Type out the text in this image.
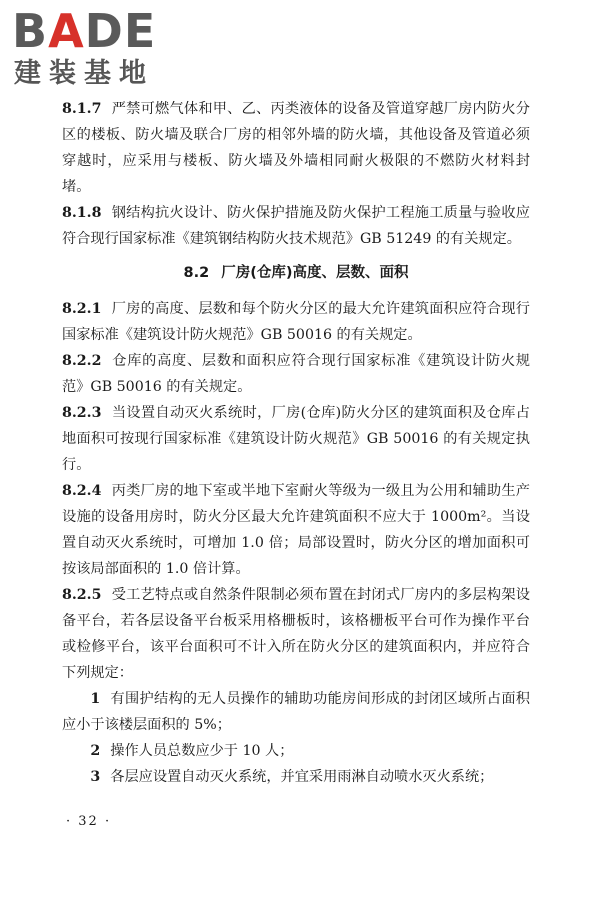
BADE
建装基地

8.1.7 严禁可燃气体和甲、乙、丙类液体的设备及管道穿越厂房内防火分区的楼板、防火墙及联合厂房的相邻外墙的防火墙，其他设备及管道必须穿越时，应采用与楼板、防火墙及外墙相同耐火极限的不燃防火材料封堵。

8.1.8 钢结构抗火设计、防火保护措施及防火保护工程施工质量与验收应符合现行国家标准《建筑钢结构防火技术规范》GB 51249 的有关规定。

8.2 厂房(仓库)高度、层数、面积

8.2.1 厂房的高度、层数和每个防火分区的最大允许建筑面积应符合现行国家标准《建筑设计防火规范》GB 50016 的有关规定。

8.2.2 仓库的高度、层数和面积应符合现行国家标准《建筑设计防火规范》GB 50016 的有关规定。

8.2.3 当设置自动灭火系统时，厂房(仓库)防火分区的建筑面积及仓库占地面积可按现行国家标准《建筑设计防火规范》GB 50016 的有关规定执行。

8.2.4 丙类厂房的地下室或半地下室耐火等级为一级且为公用和辅助生产设施的设备用房时，防火分区最大允许建筑面积不应大于 1000m²。当设置自动灭火系统时，可增加 1.0 倍；局部设置时，防火分区的增加面积可按该局部面积的 1.0 倍计算。

8.2.5 受工艺特点或自然条件限制必须布置在封闭式厂房内的多层构架设备平台，若各层设备平台板采用格栅板时，该格栅板平台可作为操作平台或检修平台，该平台面积可不计入所在防火分区的建筑面积内，并应符合下列规定：

1 有围护结构的无人员操作的辅助功能房间形成的封闭区域所占面积应小于该楼层面积的 5%；

2 操作人员总数应少于 10 人；

3 各层应设置自动灭火系统，并宜采用雨淋自动喷水灭火系统；

· 32 ·
